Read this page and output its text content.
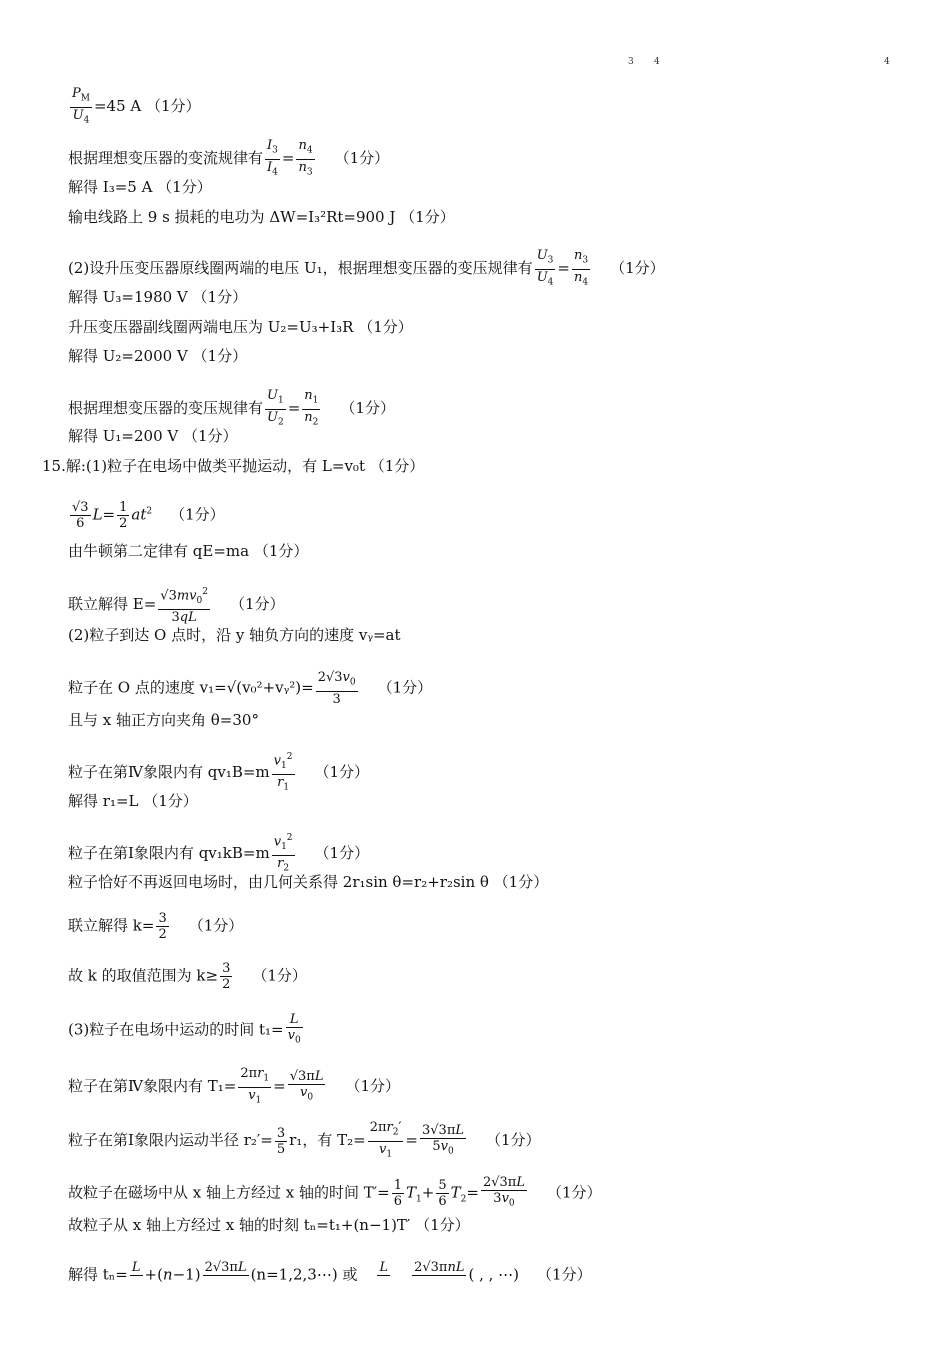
3 4	4
$\frac{P_M}{U_4} =45$ A （1分）
根据理想变压器的变流规律有 $\frac{I_3}{I_4} = \frac{n_4}{n_3} (1$分）
解得 I₃=5 A （1分）
输电线路上 9 s 损耗的电功为 ΔW=I₃²Rt=900 J （1分）
(2)设升压变压器原线圈两端的电压 U₁，根据理想变压器的变压规律有 $\frac{U_3}{U_4} = \frac{n_3}{n_4} (1$分）
解得 U₃=1980 V （1分）
升压变压器副线圈两端电压为 U₂=U₃+I₃R （1分）
解得 U₂=2000 V （1分）
根据理想变压器的变压规律有 $\frac{U_1}{U_2} = \frac{n_1}{n_2} (1$分）
解得 U₁=200 V （1分）
15.解:(1)粒子在电场中做类平抛运动，有 L=v₀t （1分）
$\frac{√3}{6} L= \frac{1}{2} at^2$ （1分）
由牛顿第二定律有 qE=ma （1分）
联立解得 $E= \frac{√3mv_0^2}{3qL} (1$分）
(2)粒子到达 O 点时，沿 y 轴负方向的速度 vᵧ=at
粒子在 O 点的速度 v₁=√(v₀²+vᵧ²)= $\frac{2√3v_0}{3} (1$分）
且与 x 轴正方向夹角 θ=30°
粒子在第Ⅳ象限内有 $qv_1B=m \frac{v_1^2}{r_1} (1$分）
解得 r₁=L （1分）
粒子在第Ⅰ象限内有 $qv_1kB=m \frac{v_1^2}{r_2} (1$分）
粒子恰好不再返回电场时，由几何关系得 2r₁sin θ=r₂+r₂sin θ （1分）
联立解得 $k= \frac{3}{2} (1$分）
故 k 的取值范围为 $k\ge \frac{3}{2} (1$分）
(3)粒子在电场中运动的时间 $t_1= \frac{L}{v_0}$
粒子在第Ⅳ象限内有 $T_1= \frac{2\pi r_1}{v_1} = \frac{√3\pi L}{v_0} (1$分）
粒子在第Ⅰ象限内运动半径 $r_2'= \frac{3}{5} r_1$，有 $T_2= \frac{2\pi r_2'}{v_1} = \frac{3√3\pi L}{5v_0} (1$分）
故粒子在磁场中从 x 轴上方经过 x 轴的时间 $T'= \frac{1}{6} T_1+ \frac{5}{6} T_2= \frac{2√3\pi L}{3v_0} (1$分）
故粒子从 x 轴上方经过 x 轴的时刻 tₙ=t₁+(n−1)T′ （1分）
解得 tₙ= L +(n−1) 2√3πL (n=1,2,3⋯) 或 L 2√3πnL ( , , ⋯) （1分）
